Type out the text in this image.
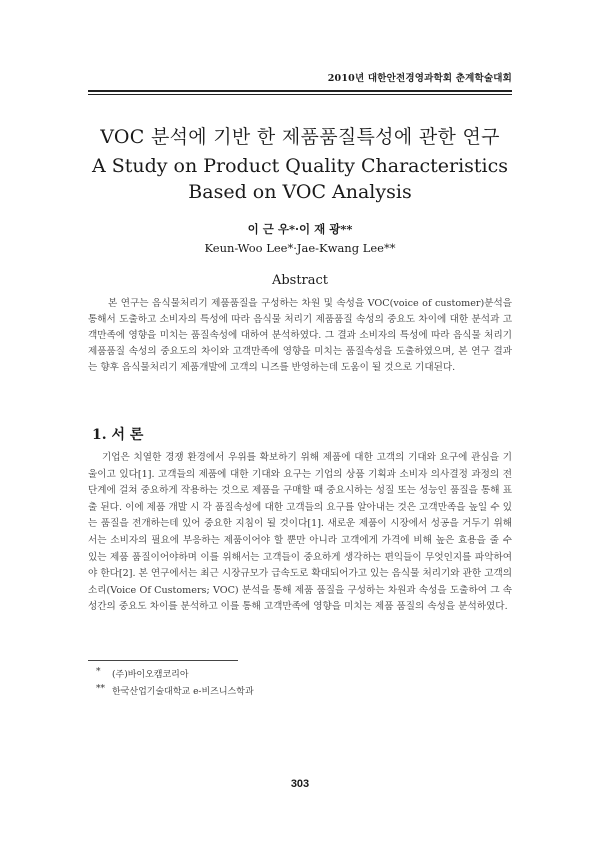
2010년 대한안전경영과학회 춘계학술대회
VOC 분석에 기반 한 제품품질특성에 관한 연구
A Study on Product Quality Characteristics
Based on VOC Analysis
이 근 우*·이 재 광**
Keun-Woo Lee*·Jae-Kwang Lee**
Abstract

본 연구는 음식물처리기 제품품질을 구성하는 차원 및 속성을 VOC(voice of customer)분석을 통해서 도출하고 소비자의 특성에 따라 음식물 처리기 제품품질 속성의 중요도 차이에 대한 분석과 고객만족에 영향을 미치는 품질속성에 대하여 분석하였다. 그 결과 소비자의 특성에 따라 음식물 처리기 제품품질 속성의 중요도의 차이와 고객만족에 영향을 미치는 품질속성을 도출하였으며, 본 연구 결과는 향후 음식물처리기 제품개발에 고객의 니즈를 반영하는데 도움이 될 것으로 기대된다.

1. 서 론

기업은 치열한 경쟁 환경에서 우위를 확보하기 위해 제품에 대한 고객의 기대와 요구에 관심을 기울이고 있다[1]. 고객들의 제품에 대한 기대와 요구는 기업의 상품 기획과 소비자 의사결정 과정의 전 단계에 걸쳐 중요하게 작용하는 것으로 제품을 구매할 때 중요시하는 성질 또는 성능인 품질을 통해 표출 된다. 이에 제품 개발 시 각 품질속성에 대한 고객들의 요구를 알아내는 것은 고객만족을 높일 수 있는 품질을 전개하는데 있어 중요한 지침이 될 것이다[1]. 새로운 제품이 시장에서 성공을 거두기 위해서는 소비자의 필요에 부응하는 제품이어야 할 뿐만 아니라 고객에게 가격에 비해 높은 효용을 줄 수 있는 제품 품질이어야하며 이를 위해서는 고객들이 중요하게 생각하는 편익들이 무엇인지를 파악하여야 한다[2]. 본 연구에서는 최근 시장규모가 급속도로 확대되어가고 있는 음식물 처리기와 관한 고객의 소리(Voice Of Customers; VOC) 분석을 통해 제품 품질을 구성하는 차원과 속성을 도출하여 그 속성간의 중요도 차이를 분석하고 이를 통해 고객만족에 영향을 미치는 제품 품질의 속성을 분석하였다.

* (주)바이오캠코리아
** 한국산업기술대학교 e-비즈니스학과
303
